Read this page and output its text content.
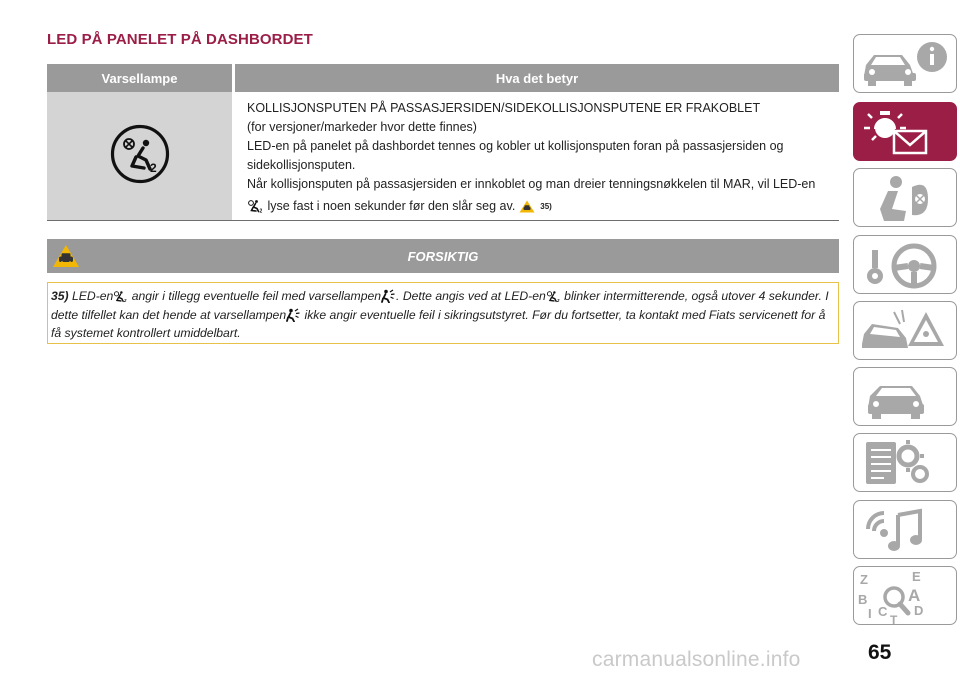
LED PÅ PANELET PÅ DASHBORDET
Varsellampe	Hva det betyr
2

KOLLISJONSPUTEN PÅ PASSASJERSIDEN/SIDEKOLLISJONSPUTENE ER FRAKOBLET

(for versjoner/markeder hvor dette finnes)

LED-en på panelet på dashbordet tennes og kobler ut kollisjonsputen foran på passasjersiden og

sidekollisjonsputen.

Når kollisjonsputen på passasjersiden er innkoblet og man dreier tenningsnøkkelen til MAR, vil LED-en

2 lyse fast i noen sekunder før den slår seg av.	35)

FORSIKTIG
35) LED-en 2 angir i tillegg eventuelle feil med varsellampen . Dette angis ved at LED-en 2 blinker intermitterende, også utover 4 sekunder. I dette tilfellet kan det hende at varsellampen ikke angir eventuelle feil i sikringsutstyret. Før du fortsetter, ta kontakt med Fiats servicenett for å få systemet kontrollert umiddelbart.
Z	E
B A
C D
T
I
65
carmanualsonline.info
